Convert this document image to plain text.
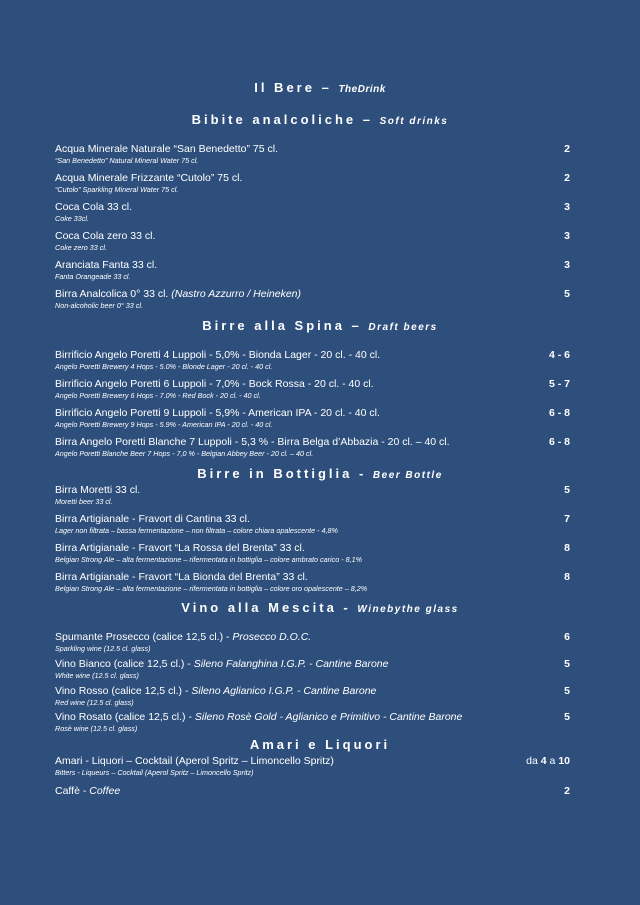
Il Bere – TheDrink
Bibite analcoliche – Soft drinks
Acqua Minerale Naturale “San Benedetto” 75 cl.	2
“San Benedetto” Natural Mineral Water 75 cl.
Acqua Minerale Frizzante “Cutolo” 75 cl.	2
“Cutolo” Sparkling Mineral Water 75 cl.
Coca Cola 33 cl.	3
Coke 33cl.
Coca Cola zero 33 cl.	3
Coke zero 33 cl.
Aranciata Fanta 33 cl.	3
Fanta Orangeade 33 cl.
Birra Analcolica 0° 33 cl. (Nastro Azzurro / Heineken)	5
Non-alcoholic beer 0° 33 cl.
Birre alla Spina – Draft beers
Birrificio Angelo Poretti 4 Luppoli - 5,0% - Bionda Lager - 20 cl. - 40 cl.	4 - 6
Angelo Poretti Brewery 4 Hops - 5.0% - Blonde Lager - 20 cl. - 40 cl.
Birrificio Angelo Poretti 6 Luppoli - 7,0% - Bock Rossa - 20 cl. - 40 cl.	5 - 7
Angelo Poretti Brewery 6 Hops - 7.0% - Red Bock - 20 cl. - 40 cl.
Birrificio Angelo Poretti 9 Luppoli - 5,9% - American IPA - 20 cl. - 40 cl.	6 - 8
Angelo Poretti Brewery 9 Hops - 5.9% - American IPA - 20 cl. - 40 cl.
Birra Angelo Poretti Blanche 7 Luppoli - 5,3 % - Birra Belga d’Abbazia - 20 cl. – 40 cl.	6 - 8
Angelo Poretti Blanche Beer 7 Hops - 7,0 % - Belgian Abbey Beer - 20 cl. – 40 cl.
Birre in Bottiglia - Beer Bottle
Birra Moretti 33 cl.	5
Moretti beer 33 cl.
Birra Artigianale - Fravort di Cantina 33 cl.	7
Lager non filtrata – bassa fermentazione – non filtrata – colore chiara opalescente - 4,8%
Birra Artigianale - Fravort “La Rossa del Brenta” 33 cl.	8
Belgian Strong Ale – alta fermentazione – rifermentata in bottiglia – colore ambrato carico - 8,1%
Birra Artigianale - Fravort “La Bionda del Brenta” 33 cl.	8
Belgian Strong Ale – alta fermentazione – rifermentata in bottiglia – colore oro opalescente – 8,2%
Vino alla Mescita - Winebythe glass
Spumante Prosecco (calice 12,5 cl.) - Prosecco D.O.C.	6
Sparkling wine (12.5 cl. glass)
Vino Bianco (calice 12,5 cl.) - Sileno Falanghina I.G.P. - Cantine Barone	5
White wine (12.5 cl. glass)
Vino Rosso (calice 12,5 cl.) - Sileno Aglianico I.G.P. - Cantine Barone	5
Red wine (12.5 cl. glass)
Vino Rosato (calice 12,5 cl.) - Sileno Rosè Gold - Aglianico e Primitivo - Cantine Barone	5
Rosè wine (12.5 cl. glass)
Amari e Liquori
Amari - Liquori – Cocktail (Aperol Spritz – Limoncello Spritz)	da 4 a 10
Bitters - Liqueurs – Cocktail (Aperol Spritz – Limoncello Spritz)
Caffè - Coffee	2
